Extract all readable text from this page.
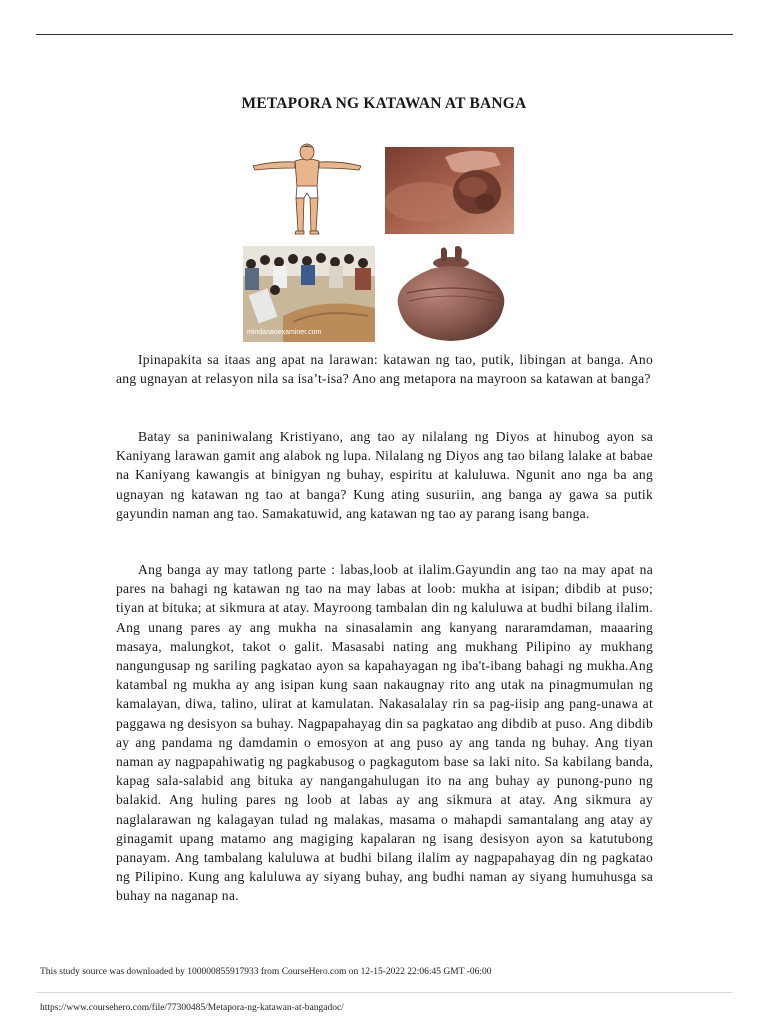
METAPORA NG KATAWAN AT BANGA
mindanaoexaminer.com

Ipinapakita sa itaas ang apat na larawan: katawan ng tao, putik, libingan at banga. Ano ang ugnayan at relasyon nila sa isa’t-isa? Ano ang metapora na mayroon sa katawan at banga?

Batay sa paniniwalang Kristiyano, ang tao ay nilalang ng Diyos at hinubog ayon sa Kaniyang larawan gamit ang alabok ng lupa. Nilalang ng Diyos ang tao bilang lalake at babae na Kaniyang kawangis at binigyan ng buhay, espiritu at kaluluwa. Ngunit ano nga ba ang ugnayan ng katawan ng tao at banga? Kung ating susuriin, ang banga ay gawa sa putik gayundin naman ang tao. Samakatuwid, ang katawan ng tao ay parang isang banga.

Ang banga ay may tatlong parte : labas,loob at ilalim.Gayundin ang tao na may apat na pares na bahagi ng katawan ng tao na may labas at loob: mukha at isipan; dibdib at puso; tiyan at bituka; at sikmura at atay. Mayroong tambalan din ng kaluluwa at budhi bilang ilalim. Ang unang pares ay ang mukha na sinasalamin ang kanyang nararamdaman, maaaring masaya, malungkot, takot o galit. Masasabi nating ang mukhang Pilipino ay mukhang nangungusap ng sariling pagkatao ayon sa kapahayagan ng iba't-ibang bahagi ng mukha.Ang katambal ng mukha ay ang isipan kung saan nakaugnay rito ang utak na pinagmumulan ng kamalayan, diwa, talino, ulirat at kamulatan. Nakasalalay rin sa pag-iisip ang pang-unawa at paggawa ng desisyon sa buhay. Nagpapahayag din sa pagkatao ang dibdib at puso. Ang dibdib ay ang pandama ng damdamin o emosyon at ang puso ay ang tanda ng buhay. Ang tiyan naman ay nagpapahiwatig ng pagkabusog o pagkagutom base sa laki nito. Sa kabilang banda, kapag sala-salabid ang bituka ay nangangahulugan ito na ang buhay ay punong-puno ng balakid. Ang huling pares ng loob at labas ay ang sikmura at atay. Ang sikmura ay naglalarawan ng kalagayan tulad ng malakas, masama o mahapdi samantalang ang atay ay ginagamit upang matamo ang magiging kapalaran ng isang desisyon ayon sa katutubong panayam. Ang tambalang kaluluwa at budhi bilang ilalim ay nagpapahayag din ng pagkatao ng Pilipino. Kung ang kaluluwa ay siyang buhay, ang budhi naman ay siyang humuhusga sa buhay na naganap na.

This study source was downloaded by 100000855917933 from CourseHero.com on 12-15-2022 22:06:45 GMT -06:00
https://www.coursehero.com/file/77300485/Metapora-ng-katawan-at-bangadoc/
